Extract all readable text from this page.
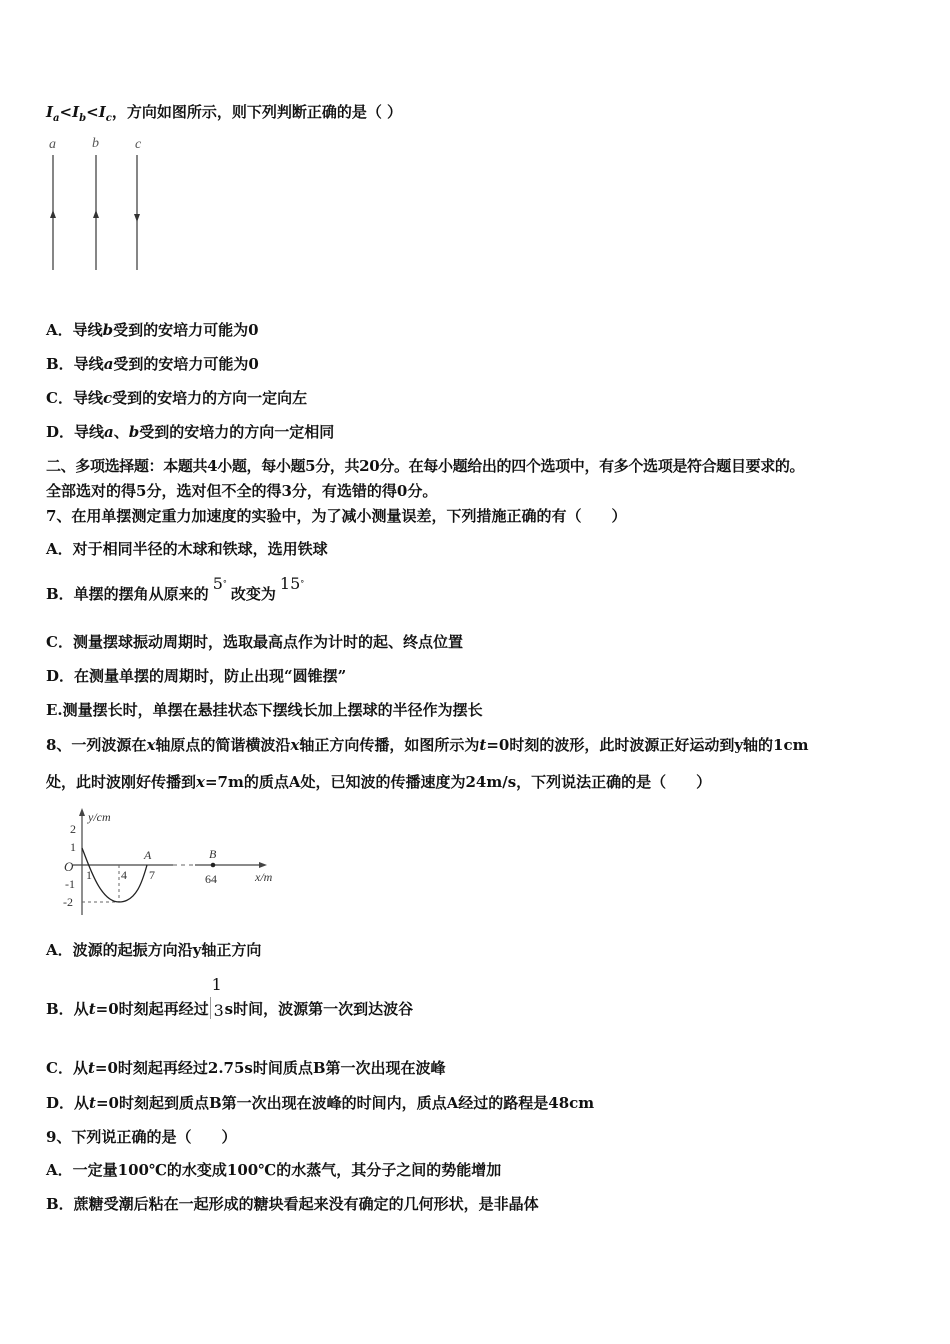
$I_a<I_b<I_c$，方向如图所示，则下列判断正确的是（ ）
a	b	c
A．导线b受到的安培力可能为0
B．导线a受到的安培力可能为0
C．导线c受到的安培力的方向一定向左
D．导线a、b受到的安培力的方向一定相同
二、多项选择题：本题共4小题，每小题5分，共20分。在每小题给出的四个选项中，有多个选项是符合题目要求的。
全部选对的得5分，选对但不全的得3分，有选错的得0分。
7、在用单摆测定重力加速度的实验中，为了减小测量误差，下列措施正确的有（　　）
A．对于相同半径的木球和铁球，选用铁球
B．单摆的摆角从原来的5°改变为15°
C．测量摆球振动周期时，选取最高点作为计时的起、终点位置
D．在测量单摆的周期时，防止出现“圆锥摆”
E.测量摆长时，单摆在悬挂状态下摆线长加上摆球的半径作为摆长
8、一列波源在x轴原点的简谐横波沿x轴正方向传播，如图所示为t=0时刻的波形，此时波源正好运动到y轴的1cm
处，此时波刚好传播到x=7m的质点A处，已知波的传播速度为24m/s，下列说法正确的是（　　）
y/cm
x/m
O
2
1
-1
-2
1 4 7	64
A	B
A．波源的起振方向沿y轴正方向
B．从t=0时刻起再经过
1
3 s时间，波源第一次到达波谷
C．从t=0时刻起再经过2.75s时间质点B第一次出现在波峰
D．从t=0时刻起到质点B第一次出现在波峰的时间内，质点A经过的路程是48cm
9、下列说正确的是（　　）
A．一定量100℃的水变成100℃的水蒸气，其分子之间的势能增加
B．蔗糖受潮后粘在一起形成的糖块看起来没有确定的几何形状，是非晶体
